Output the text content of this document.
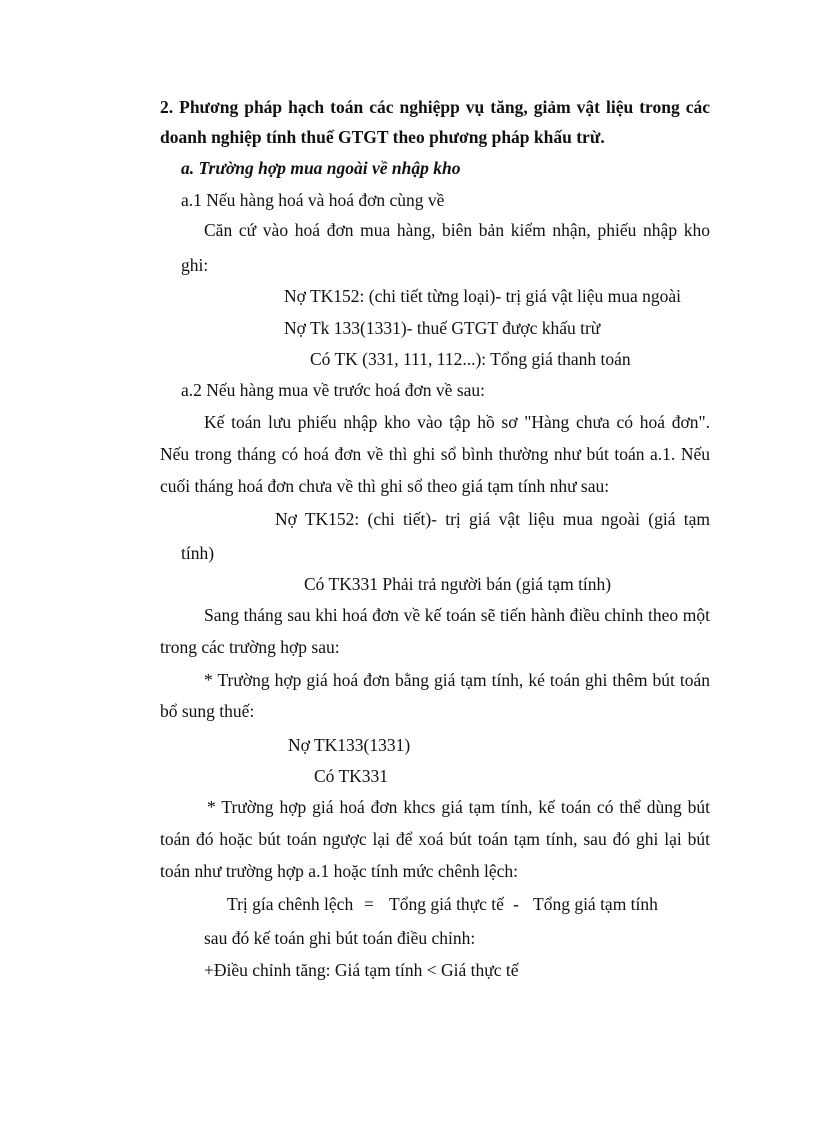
2. Phương pháp hạch toán các nghiệpp vụ tăng, giảm vật liệu trong các
doanh nghiệp tính thuế GTGT theo phương pháp khấu trừ.
a. Trường hợp mua ngoài về nhập kho
a.1 Nếu hàng hoá và hoá đơn cùng về
Căn cứ vào hoá đơn mua hàng, biên bản kiểm nhận, phiếu nhập kho
ghi:
Nợ TK152: (chi tiết từng loại)- trị giá vật liệu mua ngoài
Nợ Tk 133(1331)- thuế GTGT được khấu trừ
Có TK (331, 111, 112...): Tổng giá thanh toán
a.2 Nếu hàng mua về trước hoá đơn về sau:
Kế toán lưu phiếu nhập kho vào tập hồ sơ "Hàng chưa có hoá đơn".
Nếu trong tháng có hoá đơn về thì ghi sổ bình thường như bút toán a.1. Nếu
cuối tháng hoá đơn chưa về thì ghi sổ theo giá tạm tính như sau:
Nợ TK152: (chi tiết)- trị giá vật liệu mua ngoài (giá tạm
tính)
Có TK331 Phải trả người bán (giá tạm tính)
Sang tháng sau khi hoá đơn về kế toán sẽ tiến hành điều chỉnh theo một
trong các trường hợp sau:
* Trường hợp giá hoá đơn bằng giá tạm tính, ké toán ghi thêm bút toán
bổ sung thuế:
Nợ TK133(1331)
Có TK331
* Trường hợp giá hoá đơn khcs giá tạm tính, kế toán có thể dùng bút
toán đó hoặc bút toán ngược lại để xoá bút toán tạm tính, sau đó ghi lại bút
toán như trường hợp a.1 hoặc tính mức chênh lệch:
Trị gía chênh lệch = Tổng giá thực tế - Tổng giá tạm tính
sau đó kế toán ghi bút toán điều chỉnh:
+Điều chỉnh tăng: Giá tạm tính < Giá thực tế
